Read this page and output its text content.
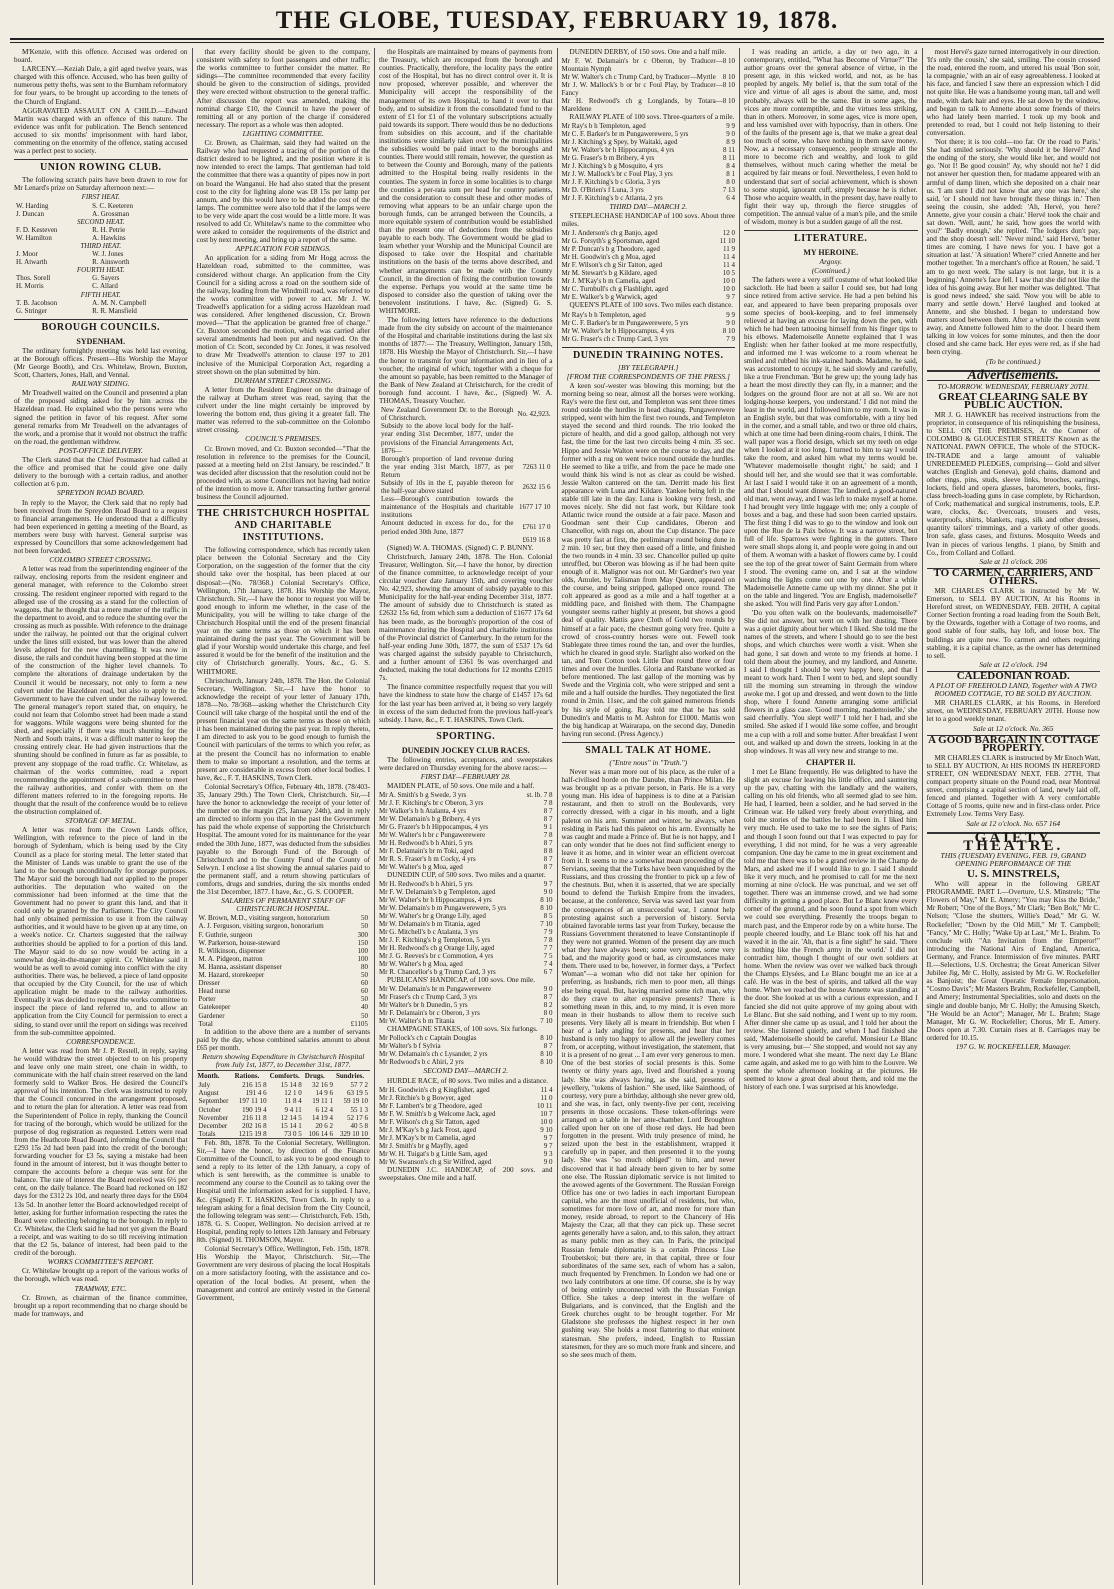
THE GLOBE, TUESDAY, FEBRUARY 19, 1878.

M'Kenzie, with this offence. Accused was ordered on board.

LARCENY.—Keziah Dale, a girl aged twelve years, was charged with this offence. Accused, who has been guilty of numerous petty thefts, was sent to the Burnham reformatory for four years, to be brought up according to the tenets of the Church of England.

AGGRAVATED ASSAULT ON A CHILD.—Edward Martin was charged with an offence of this nature. The evidence was unfit for publication. The Bench sentenced accused to six months' imprisonment with hard labor, commenting on the enormity of the offence, stating accused was a perfect pest to society.

UNION ROWING CLUB.

The following scratch pairs have been drawn to row for Mr Lenard's prize on Saturday afternoon next:—

FIRST HEAT.	
W. Harding	S. C. Keeteren
J. Duncan	A. Grossman
SECOND HEAT.	
F. D. Kesteven	R. H. Petrie
W. Hamilton	A. Hawkins
THIRD HEAT.	
J. Moor	W. J. Jones
H. Atwarth	R. Ainsworth
FOURTH HEAT.	
Thos. Sorell	G. Sayers
H. Morris	C. Allard
FIFTH HEAT.	
T. B. Jacobson	A. M. N. Campbell
G. Stringer	R. R. Mansfield
BOROUGH COUNCILS.
SYDENHAM.

The ordinary fortnightly meeting was held last evening, at the Borough offices. Present—His Worship the Mayor (Mr George Booth), and Crs. Whitelaw, Brown, Buxton, Scott, Charters, Jones, Hall, and Vennal.

RAILWAY SIDING.

Mr Treadwell waited on the Council and presented a plan of the proposed siding asked for by him across the Hazeldean road. He explained who the persons were who signed the petition in favor of his request. After some general remarks from Mr Treadwell on the advantages of the work, and a promise that it would not obstruct the traffic on the road, the gentleman withdrew.

POST-OFFICE DELIVERY.

The Clerk stated that the Chief Postmaster had called at the office and promised that he could give one daily delivery to the borough with a certain radius, and another collection at 6 p.m.

SPREYDON ROAD BOARD.

In reply to the Mayor, the Clerk said that no reply had been received from the Spreydon Road Board to a request to financial arrangements. He understood that a difficulty had been experienced in getting a meeting of the Board, as members were busy with harvest. General surprise was expressed by Councillors that some acknowledgement had not been forwarded.

COLOMBO STREET CROSSING.

A letter was read from the superintending engineer of the railway, enclosing reports from the resident engineer and general manager, with reference to the Colombo street crossing. The resident engineer reported with regard to the alleged use of the crossing as a stand for the collection of waggons, that he thought that a mere matter of the traffic in the department to avoid, and to reduce the shunting over the crossing as much as possible. With reference to the drainage under the railway, he pointed out that the original culvert under the lines still existed, but was lower than the altered levels adopted for the new channelling. It was now in disuse, the rails and conduit having been stopped at the time of the construction of the higher level channels. To complete the alterations of drainage undertaken by the Council it would be necessary, not only to form a new culvert under the Hazeldean road, but also to apply to the Government to have the culvert under the railway lowered. The general manager's report stated that, on enquiry, he could not learn that Colombo street had been made a stand for waggons. While waggons were being shunted for the shed, and especially if there was much shunting for the North and South trains, it was a difficult matter to keep the crossing entirely clear. He had given instructions that the shunting should be confined in future as far as possible, to prevent any stoppage of the road traffic. Cr. Whitelaw, as chairman of the works committee, read a report recommending the appointment of a sub-committee to meet the railway authorities, and confer with them on the different matters referred to in the foregoing reports. He thought that the result of the conference would be to relieve the obstruction complained of.

STORAGE OF METAL.

A letter was read from the Crown Lands office, Wellington, with reference to the piece of land in the borough of Sydenham, which is being used by the City Council as a place for storing metal. The letter stated that the Minister of Lands was unable to grant the use of the land to the borough unconditionally for storage purposes. The Mayor said the borough had not applied to the proper authorities. The deputation who waited on the commissioner had been informed at the time that the Government had no power to grant this land, and that it could only be granted by the Parliament. The City Council had only obtained permission to use it from the railway authorities, and it would have to be given up at any time, on a week's notice. Cr. Charters suggested that the railway authorities should be applied to for a portion of this land. The Mayor said to do so now would be acting in a somewhat dog-in-the-manger spirit. Cr. Whitelaw said it would be as well to avoid coming into conflict with the city authorities. There was, he believed, a piece of land opposite that occupied by the City Council, for the use of which application might be made to the railway authorities. Eventually it was decided to request the works committee to inspect the piece of land referred to, and to allow an application from the City Council for permission to erect a siding, to stand over until the report on sidings was received from the sub-committee appointed.

CORRESPONDENCE.

A letter was read from Mr J. P. Restell, in reply, saying he would withdraw the street objected to on his property and leave only one main street, one chain in width, to communicate with the half chain street reserved on the land formerly sold to Walker Bros. He desired the Council's approval of his intention. The clerk was instructed to reply that the Council concurred in the arrangement proposed, and to return the plan for alteration. A letter was read from the Superintendent of Police in reply, thanking the Council for tracing of the borough, which would be utilized for the purpose of dog registration as requested. Letters were read from the Heathcote Road Board, informing the Council that £293 15s 2d had been paid into the credit of the borough; forwarding voucher for £3 5s, saying a mistake had been found in the amount of interest, but it was thought better to compare the accounts before a cheque was sent for the balance. The rate of interest the Board received was 6½ per cent, on the daily balance. The Board had reckoned on 182 days for the £312 2s 10d, and nearly three days for the £604 13s 5d. In another letter the Board acknowledged receipt of letter, asking for further information respecting the rates the Board were collecting belonging to the borough. In reply to Cr. Whitelaw, the Clerk said he had not yet given the Board a receipt, and was waiting to do so till receiving intimation that the £2 5s, balance of interest, had been paid to the credit of the borough.

WORKS COMMITTEE'S REPORT.

Cr. Whitelaw brought up a report of the various works of the borough, which was read.

TRAMWAY, ETC.

Cr. Brown, as chairman of the finance committee, brought up a report recommending that no charge should be made for tramways, and

that every facility should be given to the company, consistent with safety to foot passengers and other traffic; the works committee to further consider the matter. Re sidings—The committee recommended that every facility should be given to the construction of sidings, provided they were erected without obstruction to the general traffic. After discussion the report was amended, making the nominal charge £10, the Council to have the power of remitting all or any portion of the charge if considered necessary. The report as a whole was then adopted.

LIGHTING COMMITTEE.

Cr. Brown, as Chairman, said they had waited on the Railway who had requested a tracing of the portion of the district desired to be lighted, and the position where it is now intended to erect the lamps. That gentleman had told the committee that there was a quantity of pipes now in port on board the Wanganui. He had also stated that the present cost to the city for lighting alone was £8 15s per lamp per annum, and by this would have to be added the cost of the lamps. The committee were also told that if the lamps were to be very wide apart the cost would be a little more. It was resolved to add Cr. Whitelaw's name to the committee who were asked to consider the requirements of the district and cost by next meeting, and bring up a report of the same.

APPLICATION FOR SIDINGS.

An application for a siding from Mr Hogg across the Hazeldean road, submitted to the committee, was considered without charge. An application from the City Council for a siding across a road on the southern side of the railway, leading from the Windmill road, was referred to the works committee with power to act. Mr J. W. Treadwell's application for a siding across Hazeldean road was considered. After lengthened discussion, Cr. Brown moved—"That the application be granted free of charge." Cr. Buxton seconded the motion, which was carried after several amendments had been put and negatived. On the motion of Cr. Scott, seconded by Cr. Jones, it was resolved to draw Mr Treadwell's attention to clause 197 to 201 inclusive of the Municipal Corporation Act, regarding a street shown on the plan submitted by him.

DURHAM STREET CROSSING.

A letter from the Resident Engineer on the drainage of the railway at Durham street was read, saying that the culvert under the line might certainly be improved by lowering the bottom end, thus giving it a greater fall. The matter was referred to the sub-committee on the Colombo street crossing.

COUNCIL'S PREMISES.

Cr. Brown moved, and Cr. Buxton seconded—"That the resolution in reference to the premises for the Council, passed at a meeting held on 21st January, be rescinded." It was decided after discussion that the resolution could not be proceeded with, as some Councillors not having had notice of the intention to move it. After transacting further general business the Council adjourned.

THE CHRISTCHURCH HOSPITAL AND CHARITABLE INSTITUTIONS.

The following correspondence, which has recently taken place between the Colonial Secretary and the City Corporation, on the suggestion of the former that the city should take over the hospital, has been placed at our disposal:—(No. 78/368.) Colonial Secretary's Office, Wellington, 17th January, 1878. His Worship the Mayor, Christchurch. Sir,—I have the honor to request you will be good enough to inform me whether, in the case of the Municipality, you will be willing to take charge of the Christchurch Hospital until the end of the present financial year on the same terms as those on which it has been maintained during the past year. The Government will be glad if your Worship would undertake this charge, and feel assured it would be for the benefit of the institution and the city of Christchurch generally. Yours, &c., G. S. WHITMORE.

Christchurch, January 24th, 1878. The Hon. the Colonial Secretary, Wellington. Sir,—I have the honor to acknowledge the receipt of your letter of January 17th, 1878—No. 78/368—asking whether the Christchurch City Council will take charge of the hospital until the end of the present financial year on the same terms as those on which it has been maintained during the past year. In reply thereto, I am directed to ask you to be good enough to furnish the Council with particulars of the terms to which you refer, as at the present the Council has no information to enable them to make so important a resolution, and the terms at present are considerable in excess from other local bodies. I have, &c., F. T. HASKINS, Town Clerk.

Colonial Secretary's Office, February 4th, 1878. (78/403-35, January 29th.) The Town Clerk, Christchurch. Sir,—I have the honor to acknowledge the receipt of your letter of the number on the margin (25, January 24th), and in reply am directed to inform you that in the past the Government has paid the whole expense of supporting the Christchurch Hospital. The amount voted for its maintenance for the year ended the 30th June, 1877, was deducted from the subsidies payable to the Borough Fund of the Borough of Christchurch and to the County Fund of the County of Selwyn. I enclose a list showing the annual salaries paid to the permanent staff, and a return showing particulars of comforts, drugs and sundries, during the six months ended the 31st December, 1877. I have, &c., G. S. COOPER.

SALARIES OF PERMANENT STAFF OF CHRISTCHURCH HOSPITAL.
W. Brown, M.D., visiting surgeon, honorarium	50
A. J. Ferguson, visiting surgeon, honorarium	50
F. Guthrie, surgeon	300
W. Parkerson, house-steward	150
R. Wilkinson, dispenser	100
M. A. Pidgeon, matron	100
M. Hanna, assistant dispenser	80
M. Hazard, storekeeper	50
Dresser	60
Head nurse	60
Porter	50
Gatekeeper	40
Gardener	50
Total	£1105

In addition to the above there are a number of servants paid by the day, whose combined salaries amount to about £65 per month.

Return showing Expenditure in Christchurch Hospital from July 1st, 1877, to December 31st, 1877.
Month.	Rations.	Comforts.	Drugs.	Sundries.
July	216 15 8	15 14 8	32 16 9	57 7 2
August	191 4 6	12 1 0	14 9 6	63 19 5
September	197 11 10	11 8 4	19 11 1	59 19 10
October	190 19 4	9 4 11	6 12 4	55 1 3
November	216 11 8	12 14 5	14 19 4	52 17 6
December	202 16 8	15 14 1	20 6 2	40 5 8
Totals	1215 19 8	73 0 5	106 14 6	329 10 10

Feb. 8th, 1878. To the Colonial Secretary, Wellington. Sir,—I have the honor, by direction of the Finance Committee of the Council, to ask you to be good enough to send a reply to its letter of the 12th January, a copy of which is sent herewith, as the committee is unable to recommend any course to the Council as to taking over the Hospital until the information asked for is supplied. I have, &c. (Signed) F. T. HASKINS, Town Clerk. In reply to a telegram asking for a final decision from the City Council, the following telegram was sent:— Christchurch, Feb. 15th, 1878. G. S. Cooper, Wellington. No decision arrived at re Hospital, pending reply to letters 12th January and February 8th. (Signed) H. THOMSON, Mayor.

Colonial Secretary's Office, Wellington, Feb. 15th, 1878. His Worship the Mayor, Christchurch. Sir,—The Government are very desirous of placing the local Hospitals on a more satisfactory footing, with the assistance and co-operation of the local bodies. At present, when the management and control are entirely vested in the General Government,

the Hospitals are maintained by means of payments from the Treasury, which are recouped from the borough and counties. Practically, therefore, the locality pays the entire cost of the Hospital, but has no direct control over it. It is now proposed, wherever possible, and wherever the Municipality will accept the responsibility of the management of its own Hospital, to hand it over to that body, and to subsidize it from the consolidated fund to the extent of £1 for £1 of the voluntary subscriptions actually paid towards its support. There would thus be no deductions from subsidies on this account, and if the charitable institutions were similarly taken over by the municipalities the subsidies would be paid intact to the boroughs and counties. There would still remain, however, the question as to between the County and Borough, many of the patients admitted to the Hospital being really residents in the counties. The system in force in some localities is to charge the counties a per-rata sum per head for country patients, and the consideration to consult these and other modes of removing what appears to be an unfair charge upon the borough funds, can be arranged between the Councils, a more equitable system of contribution would be established than the present one of deductions from the subsidies payable to each body. The Government would be glad to learn whether your Worship and the Municipal Council are disposed to take over the Hospital and charitable institutions on the basis of the terms above described, and whether arrangements can be made with the County Council, in the direction of fixing the contribution towards the expense. Perhaps you would at the same time be disposed to consider also the question of taking over the benevolent institutions. I have, &c. (Signed) G. S. WHITMORE.

The following letters have reference to the deductions made from the city subsidy on account of the maintenance of the Hospital and charitable institutions during the last six months of 1877:— The Treasury, Wellington, January 15th, 1878. His Worship the Mayor of Christchurch. Sir,—I have the honor to transmit for your information and in lieu of a voucher, the original of which, together with a cheque for the amount so payable, has been remitted to the Manager of the Bank of New Zealand at Christchurch, for the credit of borough fund account. I have, &c., (Signed) W. A. THOMAS, Treasury Voucher.

New Zealand Government Dr. to the Borough of Christchurch.	No. 42,923.
Subsidy to the above local body for the half-year ending 31st December, 1877, under the provisions of the Financial Arrangements Act, 1876—	
Borough's proportion of land revenue during the year ending 31st March, 1877, as per Return	7263 11 0
Subsidy of 10s in the £, payable thereon for the half-year above stated	2632 15 6
Less—Borough's contribution towards the maintenance of the Hospitals and charitable institutions	1677 17 10
Amount deducted in excess for do., for the period ended 30th June, 1877	£761 17 0
	£619 16 8

(Signed) W. A. THOMAS. (Signed) C. P. BUNNY.

Christchurch, January 24th, 1878. The Hon. Colonial Treasurer, Wellington. Sir,—I have the honor, by direction of the finance committee, to acknowledge receipt of your circular voucher date January 15th, and covering voucher No. 42,923, showing the amount of subsidy payable to this Municipality for the half-year ending December 31st, 1877. The amount of subsidy due to Christchurch is stated as £2632 15s 6d, from which sum a deduction of £1677 17s 6d has been made, as the borough's proportion of the cost of maintenance during the Hospital and charitable institutions of the Provincial district of Canterbury. In the return for the half-year ending June 30th, 1877, the sum of £537 17s 6d was charged against the subsidy payable to Christchurch, and a further amount of £361 9s was overcharged and deducted, making the total deductions for 12 months £2015 7s.

The finance committee respectfully request that you will have the kindness to state how the charge of £1457 17s 6d for the last year has been arrived at, it being so very largely in excess of the sum deducted from the previous half-year's subsidy. I have, &c., F. T. HASKINS, Town Clerk.

SPORTING.
DUNEDIN JOCKEY CLUB RACES.

The following entries, acceptances, and sweepstakes were declared on Thursday evening for the above races:—

FIRST DAY—FEBRUARY 28.

MAIDEN PLATE, of 50 sovs. One mile and a half.

Mr A. Smith's b g Swede, 3 yrs	st. lb. 7 8
Mr J. F. Kitching's br c Oberon, 3 yrs	7 8
Mr Walker's b h Atalanta, 4 yrs	8 7
Mr W. Delamain's b g Bribery, 4 yrs	8 7
Mr G. Frazer's b h Hippocampus, 4 yrs	9 1
Mr W. Walter's h br c Pungawerewere	7 8
Mr H. Redwood's b h Ahiri, 5 yrs	8 7
Mr F. Delamain's br m Toki, aged	8 8
Mr R. S. Fraser's h m Cocky, 4 yrs	8 7
Mr W. Walter's b g Moa, aged	8 7

DUNEDIN CUP, of 500 sovs. Two miles and a quarter.

Mr H. Redwood's b h Ahiri, 5 yrs	9 7
Mr F. W. Delamain's b g Templeton, aged	9 0
Mr W. Walter's br h Hippocampus, 4 yrs	8 10
Mr W. Delamain's b m Pungawerewere, 5 yrs	8 10
Mr W. Walter's br g Orange Lily, aged	8 5
Mr W. Delamain's b m Titania, aged	7 10
Mr G. Mitchell's b c Atalanta, 3 yrs	7 9
Mr J. F. Kitching's b g Templeton, 5 yrs	7 8
Mr H. Redwood's ch g Orange Lily, aged	7 7
Mr J. G. Reeves's br c Commotion, 4 yrs	7 5
Mr W. Walter's b g Moa, aged	7 4
Mr R. Chancellor's b g Trump Card, 3 yrs	6 7

PUBLICANS' HANDICAP, of 100 sovs. One mile.

Mr W. Delamain's br m Pungawerewere	9 0
Mr Fraser's ch c Trump Card, 3 yrs	8 7
Mr Walter's br h Dunedin, 5 yrs	8 2
Mr F. Delamain's br c Oberon, 3 yrs	8 0
Mr W. Walter's b m Titania	7 10

CHAMPAGNE STAKES, of 100 sovs. Six furlongs.

Mr Pollock's ch c Captain Douglas	8 10
Mr Walter's b f Sylvia	8 7
Mr W. Delamain's ch c Lysander, 2 yrs	8 10
Mr Redwood's b c Ahiri, 2 yrs	8 10
SECOND DAY—MARCH 2.

HURDLE RACE, of 80 sovs. Two miles and a distance.

Mr H. Goodwin's ch g Kingfisher, aged	11 4
Mr J. Ritchie's b g Bowyer, aged	11 0
Mr F. Lambert's br g Theodore, aged	10 11
Mr F. W. Smith's b g Welcome Jack, aged	10 7
Mr F. Wilson's ch g Sir Tatton, aged	10 0
Mr J. M'Kay's b g Jack Frost, aged	9 10
Mr J. M'Kay's br m Camelia, aged	9 7
Mr J. Smith's br g Mayfly, aged	9 7
Mr W. H. Tuigat's b g Little Sam, aged	9 3
Mr W. Swanson's ch g Sir Wilfred, aged	9 0

DUNEDIN J.C. HANDICAP, of 200 sovs. and sweepstakes. One mile and a half.

DUNEDIN DERBY, of 150 sovs. One and a half mile.

Mr F. W. Delamain's br c Oberon, by Traducer—Mountain Nymph
8 10
Mr W. Walter's ch c Trump Card, by Traducer—Myrtle 8 10
Mr J. W. Mallock's b or br c Foul Play, by Traducer—Fancy
8 10
Mr H. Redwood's ch g Longlands, by Totara—Mareldene
8 10

RAILWAY PLATE of 100 sovs. Three-quarters of a mile.

Mr Ray's b h Templeton, aged	9 9
Mr C. F. Barker's br m Pungawerewere, 5 yrs	9 0
Mr J. Kitching's g Spey, by Waitaki, aged	8 9
Mr W. Walter's br h Hippocampus, 4 yrs	8 11
Mr G. Fraser's b m Bribery, 4 yrs	8 11
Mr J. Kitching's b g Mosquito, 4 yrs	8 4
Mr J. W. Mallock's br c Foul Play, 3 yrs	8 1
Mr J. F. Kitching's b c Gloria, 3 yrs	8 0
Mr D. O'Brien's f Luna, 3 yrs	7 13
Mr J. F. Kitching's b c Atlanta, 2 yrs	6 4
THIRD DAY—MARCH 2.

STEEPLECHASE HANDICAP of 100 sovs. About three miles.

Mr J. Anderson's ch g Banjo, aged	12 0
Mr G. Forsyth's g Sportsman, aged	11 10
Mr P. Duncan's b g Theodore, aged	11 9
Mr H. Goodwin's ch g Moa, aged	11 4
Mr F. Wilson's ch g Sir Tatton, aged	11 4
Mr M. Stewart's b g Kildare, aged	10 5
Mr J. M'Kay's b m Camelia, aged	10 0
Mr C. Turnbull's ch g Flashlight, aged	10 0
Mr E. Walker's b g Warwick, aged	9 7

QUEEN'S PLATE of 100 sovs. Two miles each distance.

Mr Ray's b h Templeton, aged	9 9
Mr C. F. Barker's br m Pungawerewere, 5 yrs	9 0
Mr W. Walter's br h Hippocampus, 4 yrs	8 10
Mr G. Fraser's ch c Trump Card, 3 yrs	7 9
DUNEDIN TRAINING NOTES.
[BY TELEGRAPH.]
[FROM THE CORRESPONDENTS OF THE PRESS.]

A keen sou'-wester was blowing this morning; but the morning being so near, almost all the horses were working. Ray's were the first out, and Templeton was sent three times round outside the hurdles in head chasing. Pungawerewere stripped, went with him the first two rounds, and Templeton stayed the second and third rounds. The trio looked the picture of health, and did a good gallop, although not very fast, the time for the last two circuits being 4 min. 35 sec. Hippo and Jessie Walton were on the course to day, and the former with a rug on went twice round outside the hurdles. He seemed to like a trifle, and from the pace he made one would think his wind is not as clear as could be wished. Jessie Walton cantered on the tan. Derritt made his first appearance with Luna and Kildare. Yankee being left in the stable till late in the day. Luna is looking very fresh, and moves nicely. She did not fast work, but Kildare took Atlantic twice round the outside at a fair pace. Mason and Goodman sent their Cup candidates, Oberon and Chancellor, with rugs on, about the Cup distance. The pace was pretty fast at first, the preliminary round being done in 2 min. 10 sec, but they then eased off a little, and finished the two rounds in 4 min. 33 sec. Chancellor pulled up quite unruffled, but Oberon was blowing as if he had been quite enough of it. Malignor was not out. Mr Gardner's two year olds, Amulet, by Talisman from May Queen, appeared on the course, and being stripped, galloped once round. The colt appeared as good as a mile and a half together at a middling pace, and finished with them. The Champagne youngster seems rather highly at present, but shows a good deal of quality. Mattis gave Cloth of Gold two rounds by himself at a fair pace, the chestnut going very free. Quite a crowd of cross-country horses were out. Fewell took Stablegate three times round the tan, and over the hurdles, which he cleared in good style. Starlight also worked on the tan, and Tom Cotton took Little Dan round three or four times and over the hurdles. Gloria and Ratsbane worked as before mentioned. The last gallop of the morning was by Swede and the Virginia colt, who were stripped and sent a mile and a half outside the hurdles. They negotiated the first round in 2min. 11sec, and the colt gained numerous friends by his style of going. Ray told me that he has sold Dunedin's and Mattis to M. Ashton for £1000. Mattis won the big handicap at Wairarapa, on the second day, Dunedin having run second. (Press Agency.)

SMALL TALK AT HOME.
("Entre nous" in "Truth.")

Never was a man more out of his place, as the ruler of a half-civilised horde on the Danube, than Prince Milan. He was brought up as a private person, in Paris. He is a very young man. His idea of happiness is to dine at a Parisian restaurant, and then to stroll on the Boulevards, very correctly dressed, with a cigar in his mouth, and a light paletot on his arm. Summer and winter, he always, when residing in Paris had this paletot on his arm. Eventually he was caught and made a Prince of. But he is not happy, and I can only wonder that he does not find sufficient energy to leave it as home, and in winter wear an efficient overcoat from it. It seems to me a somewhat mean proceeding of the Servians, seeing that the Turks have been vanquished by the Russians, and thus crossing the frontier to pick up a few of the chestnuts. But, when it is asserted, that we are specially bound to defend the Turkish Empire from the invaders, because, at the conference, Servia was saved last year from the consequences of an unsuccessful war, I cannot help protesting against such a perversion of history. Servia obtained favorable terms last year from Turkey, because the Russians Government threatened to leave Constantinople if they were not granted. Women of the present day are much what they have always been; some very good, some very bad, and the majority good or bad, as circumstances make them. There used to be, however, in former days, a "Perfect Woman"—a woman who did not take her opinion for preferring, as husbands, rich men to poor men, all things else being equal. But, having married some rich man, why do they crave to alter expensive presents? There is something mean in this, and, to my mind, it is even more mean in their husbands to allow them to receive such presents. Very likely all is meant in friendship. But when I hear of a lady angling for presents, and hear that her husband is only too happy to allow all the jewellery comes from, or accepting, without investigation, the statement, that it is a present of no great ... I am ever very generous to men. One of the best stories of social presents is this. Some twenty or thirty years ago, lived and flourished a young lady. She was always having, as she said, presents of jewellery, "tokens of fashion." She used, like Sainthood, of courtesy, very pure a birthday, although she never grew old, and she was, in fact, only twenty-five per cent, receiving presents in those occasions. These token-offerings were arranged on a table in her ante-chamber. Lord Broughton called upon her on one of those red days. He had been forgotten in the present. With truly presence of mind, he seized upon the best in the establishment, wrapped it carefully up in paper, and then presented it to the young lady. She was "so much obliged" to him, and never discovered that it had already been given to her by some one else. The Russian diplomatic service is not limited to the avowed agents of the Government. The Russian Foreign Office has one or two ladies in each important European capital, who are the most unofficial of residents, but who, sometimes for more love of art, and more for more than money, reside abroad, to report to the Chancery of His Majesty the Czar, all that they can pick up. These secret agents generally have a salon, and, to this salon, they attract as many public men as they can. In Paris, the principal Russian female diplomatist is a certain Princess Lise Troubetskoi; but there are, in that capital, three or four subordinates of the same sex, each of whom has a salon, much frequented by Frenchmen. In London we had one or two lady contributors at one time. Of course, she is by way of being entirely unconnected with the Russian Foreign Office. She takes a deep interest in the welfare of Bulgarians, and is convinced, that the English and the Greek churches ought to be brought together. For Mr Gladstone she professes the highest respect in her own gushing way. She holds a most flattering to that eminent statesman. She prefers, indeed, English to Russian statesmen, for they are so much more frank and sincere, and so she sees much of them.

I was reading an article, a day or two ago, in a contemporary, entitled, "What has Become of Virtue?" The author groans over the general absence of virtue, in the present age, in this wicked world, and not, as he has peopled by angels. My belief is, that the sum total of the vice and virtue of all ages is about the same, and, most probably, always will be the same. But in some ages, the vices are more contemptible, and the virtues less striking, than in others. Moreover, in some ages, vice is more open, and less varnished over with hypocrisy, than in others. One of the faults of the present age is, that we make a great deal too much of some, who have nothing in them save money. Now, as a necessary consequence, people struggle all the more to become rich and wealthy, and look to gild themselves, without much caring whether the metal be acquired by fair means or foul. Nevertheless, I even hold to understand that sort of social achievement, which is shown to some stupid, ignorant cuff, simply because he is richer. Those who acquire wealth, in the present day, have really to fight their way up, through the fierce struggles of competition. The annual value of a man's pile, and the smile of wisdom, money is but a sudden gauge of all the rest.

LITERATURE.
MY HEROINE.
Argosy.
(Continued.)

The fathers were a very stiff costume of what looked like sackcloth. He had been a sailor I could see, but had long since retired from active service. He had a pen behind his ear, and appeared to have been preparing proposals over some species of book-keeping, and to feel immensely relieved at having an excuse for laying down the pen, with which he had been tattooing himself from his finger tips to his elbows. Mademoiselle Annette explained that I was English: when her father looked at me more respectfully, and informed me I was welcome to a room whereat he smiled and rubbed his ink-stained hands. Madame, he said, was accustomed to occupy it, he said slowly and carefully, like a true Frenchman. 'But he grew up; the young lady has a heart the most directly they can fly, in a manner; and the lodgers on the ground floor are not at all so. We are not lodging-house keepers, you understand.' I did not mind the least in the world, and I followed him to my room. It was in an English style, but that was comfortable, with a tiny bed in the corner, and a small table, and two or three old chairs, which at one time had been dining-room chairs, I think. The wall paper was a florid design, which set my teeth on edge when I looked at it too long. I turned to him to say I would take the room, and asked him what my terms would be. 'Whatever mademoiselle thought right,' he said; and I should tell her, and she would see that it was comfortable. At last I said I would take it on an agreement of a month, and that I should want dinner. The landlord, a good-natured old man, went away, and I was left to make myself at home. I had brought very little luggage with me; only a couple of boxes and a bag, and these had soon been carried upstairs. The first thing I did was to go to the window and look out upon the Rue de la Paix below. It was a narrow street, but full of life. Sparrows were fighting in the gutters. There were small shops along it, and people were going in and out of them. A woman with a basket of flowers came by. I could see the top of the great tower of Saint Germain from where I stood. The evening came on, and I sat at the window watching the lights come out one by one. After a while Mademoiselle Annette came up with my dinner. She put it on the table and lingered. 'You are English, mademoiselle?' she asked. 'You will find Paris very gay after London.'

'Do you often walk on the boulevards, mademoiselle?' She did not answer, but went on with her dusting. There was a quiet dignity about her which I liked. She told me the names of the streets, and where I should go to see the best shops, and which churches were worth a visit. When she had gone, I sat down and wrote to my friends at home. I told them about the journey, and my landlord, and Annette. I said I thought I should be very happy here, and that I meant to work hard. Then I went to bed, and slept soundly till the morning sun streaming in through the window awoke me. I got up and dressed, and went down to the little shop, where I found Annette arranging some artificial flowers in a glass case. 'Good morning, mademoiselle,' she said cheerfully. 'You slept well?' I told her I had, and she smiled. She asked if I would like some coffee, and brought me a cup with a roll and some butter. After breakfast I went out, and walked up and down the streets, looking in at the shop windows. It was all very new and strange to me.

CHAPTER II.

I met Le Blanc frequently. He was delighted to have the slight an excuse for leaving his little office, and sauntering up the pav, chatting with the landlady and the waiters, calling on his old friends, who all seemed glad to see him. He had, I learned, been a soldier, and he had served in the Crimean war. He talked very freely about everything, and told me stories of the battles he had been in. I liked him very much. He used to take me to see the sights of Paris; and though I soon found out that I was expected to pay for everything, I did not mind, for he was a very agreeable companion. One day he came to me in great excitement and told me that there was to be a grand review in the Champ de Mars, and asked me if I would like to go. I said I should like it very much, and he promised to call for me the next morning at nine o'clock. He was punctual, and we set off together. There was an immense crowd, and we had some difficulty in getting a good place. But Le Blanc knew every corner of the ground, and he soon found a spot from which we could see everything. Presently the troops began to march past, and the Emperor rode by on a white horse. The people cheered loudly, and Le Blanc took off his hat and waved it in the air. 'Ah, that is a fine sight!' he said. 'There is nothing like the French army in the world.' I did not contradict him, though I thought of our own soldiers at home. When the review was over we walked back through the Champs Elysées, and Le Blanc bought me an ice at a café. He was in the best of spirits, and talked all the way home. When we reached the house Annette was standing at the door. She looked at us with a curious expression, and I fancied she did not quite approve of my going about with Le Blanc. But she said nothing, and I went up to my room. After dinner she came up as usual, and I told her about the review. She listened quietly, and when I had finished she said, 'Mademoiselle should be careful. Monsieur Le Blanc is very amusing, but—' She stopped, and would not say any more. I wondered what she meant. The next day Le Blanc came again, and asked me to go with him to the Louvre. We spent the whole afternoon looking at the pictures. He seemed to know a great deal about them, and told me the history of each one. I was surprised at his knowledge.

most Hervé's gaze turned interrogatively in our direction. 'It's only the cousin,' she said, smiling. The cousin crossed the road, entered the room, and uttered his usual 'Bon soir, la compagnie,' with an air of easy agreeableness. I looked at his face, and fancied I saw there an expression which I did not quite like. He was a handsome young man, tall and well made, with dark hair and eyes. He sat down by the window, and began to talk to Annette about some friends of theirs who had lately been married. I took up my book and pretended to read, but I could not help listening to their conversation.

'Not there; it is too cold—too far. Or the road to Paris.' She had smiled seriously. 'Why should it be Hervé?' And the ending of the story, she would like her, and would not go. 'Not I! Be good cousin!' Ay, why should not he? I did not answer her question then, for madame appeared with an armful of damp linen, which she deposited on a chair near us. 'I am sure I did not know that any one was here,' she said, 'or I should not have brought these things in.' Then seeing the cousin, she added: 'Ah, Hervé, you here? Annette, give your cousin a chair.' Hervé took the chair and sat down. 'Well, aunt,' he said, 'how goes the world with you?' 'Badly enough,' she replied. 'The lodgers don't pay, and the shop doesn't sell.' 'Never mind,' said Hervé, 'better times are coming. I have news for you. I have got a situation at last.' 'A situation! Where?' cried Annette and her mother together. 'In a merchant's office at Rouen,' he said. 'I am to go next week. The salary is not large, but it is a beginning.' Annette's face fell. I saw that she did not like the idea of his going away. But her mother was delighted. 'That is good news indeed,' she said. 'Now you will be able to marry and settle down.' Hervé laughed and looked at Annette, and she blushed. I began to understand how matters stood between them. After a while the cousin went away, and Annette followed him to the door. I heard them talking in low voices for some minutes, and then the door closed and she came back. Her eyes were red, as if she had been crying.

(To be continued.)
Advertisements.
TO-MORROW. WEDNESDAY, FEBRUARY 20TH.
GREAT CLEARING SALE BY PUBLIC AUCTION.

MR J. G. HAWKER has received instructions from the proprietor, in consequence of his relinquishing the business, to SELL ON THE PREMISES, At the Corner of COLOMBO & GLOUCESTER STREETS' Known as the NATIONAL PAWN OFFICE, The whole of the STOCK-IN-TRADE and a large amount of valuable UNREDEEMED PLEDGES, comprising— Gold and silver watches (English and Geneva), gold chains, diamond and other rings, pins, studs, sleeve links, brooches, earrings, lockets, field and opera glasses, barometers, books, first-class breech-loading guns in case complete, by Richardson, of Cork; mathematical and surgical instruments, tools, E.P. ware, clocks, &c. Overcoats, trousers and vests, waterproofs, shirts, blankets, rugs, silk and other dresses, quantity tailors' trimmings, and a variety of other goods. Iron safe, glass cases, and fixtures. Mosquito Weeds and Ivan in pieces of various lengths. 1 piano, by Smith and Co., from Collard and Collard.

Sale at 11 o'clock. 206
TO CARMEN, CARRIERS, AND OTHERS.

MR CHARLES CLARK is instructed by Mr W. Emerson, to SELL BY AUCTION, At his Rooms in Hereford street, on WEDNESDAY, FEB. 20TH, A capital Corner Section fronting a road leading from the South Belt, by the Oxwards, together with a Cottage of two rooms, and good stable of four stalls, hay loft, and loose box. The buildings are quite new. To carmen and others requiring stabling, it is a capital chance, as the owner has determined to sell.

Sale at 12 o'clock. 194
CALEDONIAN ROAD.
A PLOT OF FREEHOLD LAND, Together with A TWO ROOMED COTTAGE, TO BE SOLD BY AUCTION.

MR CHARLES CLARK, at his Rooms, in Hereford street, on WEDNESDAY, FEBRUARY 20TH. House now let to a good weekly tenant.

Sale at 12 o'clock. No. 365
A GOOD BARGAIN IN COTTAGE PROPERTY.

MR CHARLES CLARK is instructed by Mr Enoch Watt, to SELL BY AUCTION, At HIS ROOMS IN HEREFORD STREET, ON WEDNESDAY NEXT, FEB. 27TH, That compact property situate on the Pound road, near Montreal street, comprising a capital section of land, newly laid off, fenced and planted. Together with A very comfortable Cottage of 5 rooms, quite new and in first-class order. Price Extremely Low. Terms Very Easy.

Sale at 12 o'clock. No. 657 164
GAIETY THEATRE.
THIS (TUESDAY) EVENING, FEB. 19, GRAND OPENING PERFORMANCE OF THE
U. S. MINSTRELS,

Who will appear in the following GREAT PROGRAMME. PART I.—Overture, U.S. Minstrels; "The Flowers of May," Mr E. Amery; "You may Kiss the Bride," Mr Robert; "One of the Boys," Mr Clark; "Ben Bolt," Mr C. Nelson; "Close the shutters, Willie's Dead," Mr G. W. Rockefeller; "Down by the Old Mill," Mr T. Campbell; "Fancy," Mr C. Holly; "Wake Up at Last," Mr L. Brahm. To conclude with "An Invitation from the Emperor!" introducing the National Airs of England, America, Germany, and France. Intermission of five minutes. PART II.—Selections, U.S. Orchestra; the Great American Silver Jubilee Jig, Mr C. Holly, assisted by Mr G. W. Rockefeller as Banjoist; the Great Operatic Female Impersonation, "Cosmo Davis"; Mr Masters Brahm, Rockefeller, Campbell, and Amery; Instrumental Specialities, solo and duets on the single and double banjo, Mr C. Holly; the Amusing Sketch, "He Would be an Actor"; Manager, Mr L. Brahm; Stage Manager, Mr G. W. Rockefeller; Chorus, Mr E. Amery. Doors open at 7.30. Curtain rises at 8. Carriages may be ordered for 10.15.

197 G. W. ROCKEFELLER, Manager.
